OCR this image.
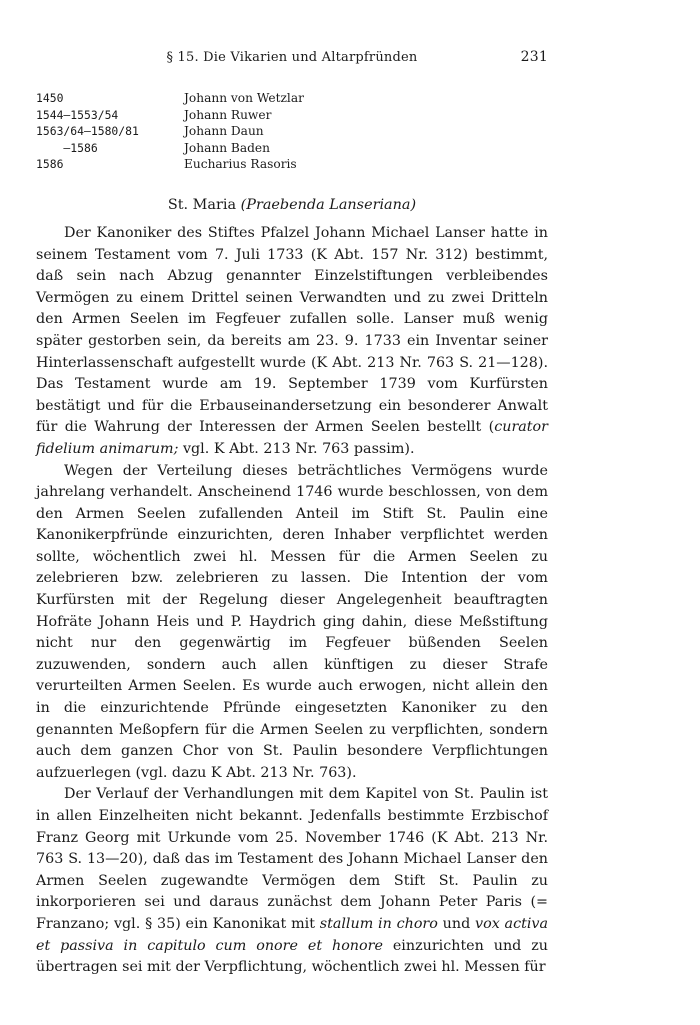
§ 15. Die Vikarien und Altarpfründen	231
1450	Johann von Wetzlar
1544—1553/54	Johann Ruwer
1563/64—1580/81	Johann Daun
—1586	Johann Baden
1586	Eucharius Rasoris
St. Maria (Praebenda Lanseriana)

Der Kanoniker des Stiftes Pfalzel Johann Michael Lanser hatte in seinem Testament vom 7. Juli 1733 (K Abt. 157 Nr. 312) bestimmt, daß sein nach Abzug genannter Einzelstiftungen verbleibendes Vermögen zu einem Drittel seinen Verwandten und zu zwei Dritteln den Armen Seelen im Fegfeuer zufallen solle. Lanser muß wenig später gestorben sein, da bereits am 23. 9. 1733 ein Inventar seiner Hinterlassenschaft aufgestellt wurde (K Abt. 213 Nr. 763 S. 21—128). Das Testament wurde am 19. September 1739 vom Kurfürsten bestätigt und für die Erbauseinandersetzung ein besonderer Anwalt für die Wahrung der Interessen der Armen Seelen bestellt (curator fidelium animarum; vgl. K Abt. 213 Nr. 763 passim).

Wegen der Verteilung dieses beträchtliches Vermögens wurde jahrelang verhandelt. Anscheinend 1746 wurde beschlossen, von dem den Armen Seelen zufallenden Anteil im Stift St. Paulin eine Kanonikerpfründe einzurichten, deren Inhaber verpflichtet werden sollte, wöchentlich zwei hl. Messen für die Armen Seelen zu zelebrieren bzw. zelebrieren zu lassen. Die Intention der vom Kurfürsten mit der Regelung dieser Angelegenheit beauftragten Hofräte Johann Heis und P. Haydrich ging dahin, diese Meßstiftung nicht nur den gegenwärtig im Fegfeuer büßenden Seelen zuzuwenden, sondern auch allen künftigen zu dieser Strafe verurteilten Armen Seelen. Es wurde auch erwogen, nicht allein den in die einzurichtende Pfründe eingesetzten Kanoniker zu den genannten Meßopfern für die Armen Seelen zu verpflichten, sondern auch dem ganzen Chor von St. Paulin besondere Verpflichtungen aufzuerlegen (vgl. dazu K Abt. 213 Nr. 763).

Der Verlauf der Verhandlungen mit dem Kapitel von St. Paulin ist in allen Einzelheiten nicht bekannt. Jedenfalls bestimmte Erzbischof Franz Georg mit Urkunde vom 25. November 1746 (K Abt. 213 Nr. 763 S. 13—20), daß das im Testament des Johann Michael Lanser den Armen Seelen zugewandte Vermögen dem Stift St. Paulin zu inkorporieren sei und daraus zunächst dem Johann Peter Paris (= Franzano; vgl. § 35) ein Kanonikat mit stallum in choro und vox activa et passiva in capitulo cum onore et honore einzurichten und zu übertragen sei mit der Verpflichtung, wöchentlich zwei hl. Messen für
